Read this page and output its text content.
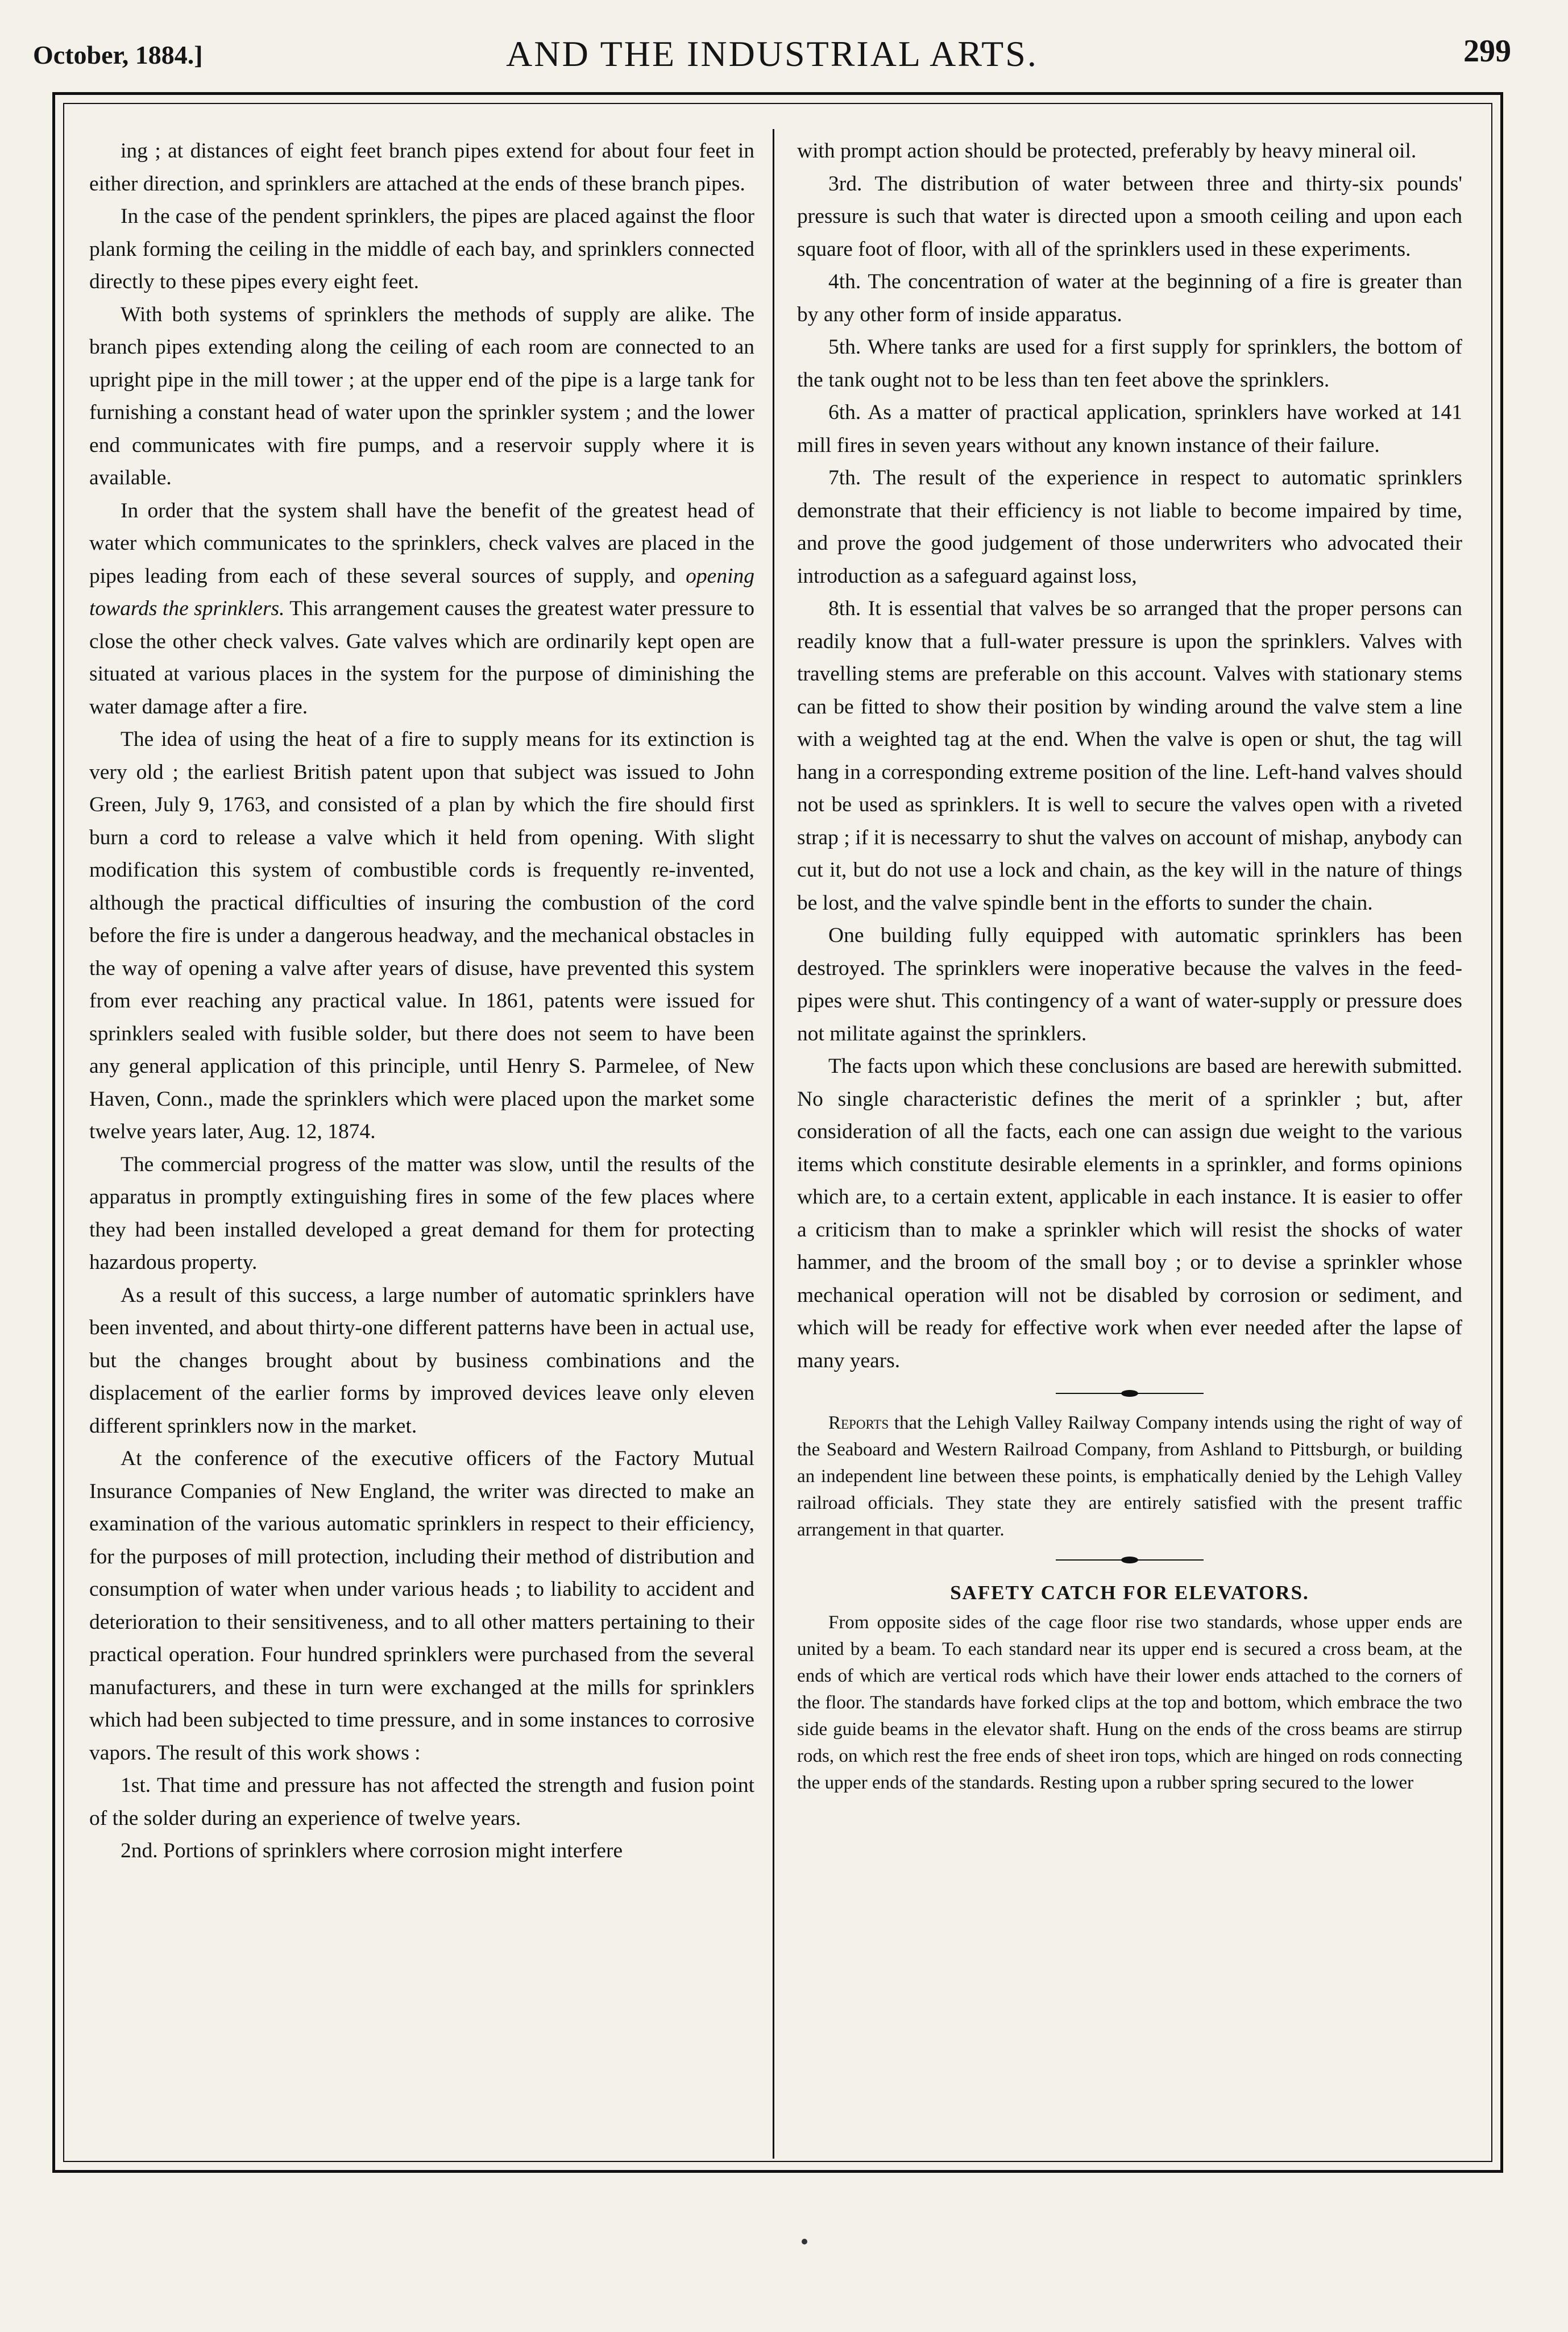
October, 1884.]	AND THE INDUSTRIAL ARTS.	299

ing ; at distances of eight feet branch pipes extend for about four feet in either direction, and sprinklers are attached at the ends of these branch pipes.

In the case of the pendent sprinklers, the pipes are placed against the floor plank forming the ceiling in the middle of each bay, and sprinklers connected directly to these pipes every eight feet.

With both systems of sprinklers the methods of supply are alike. The branch pipes extending along the ceiling of each room are connected to an upright pipe in the mill tower ; at the upper end of the pipe is a large tank for furnishing a constant head of water upon the sprinkler system ; and the lower end communicates with fire pumps, and a reservoir supply where it is available.

In order that the system shall have the benefit of the greatest head of water which communicates to the sprinklers, check valves are placed in the pipes leading from each of these several sources of supply, and opening towards the sprinklers. This arrangement causes the greatest water pressure to close the other check valves. Gate valves which are ordinarily kept open are situated at various places in the system for the purpose of diminishing the water damage after a fire.

The idea of using the heat of a fire to supply means for its extinction is very old ; the earliest British patent upon that subject was issued to John Green, July 9, 1763, and consisted of a plan by which the fire should first burn a cord to release a valve which it held from opening. With slight modification this system of combustible cords is frequently re-invented, although the practical difficulties of insuring the combustion of the cord before the fire is under a dangerous headway, and the mechanical obstacles in the way of opening a valve after years of disuse, have prevented this system from ever reaching any practical value. In 1861, patents were issued for sprinklers sealed with fusible solder, but there does not seem to have been any general application of this principle, until Henry S. Parmelee, of New Haven, Conn., made the sprinklers which were placed upon the market some twelve years later, Aug. 12, 1874.

The commercial progress of the matter was slow, until the results of the apparatus in promptly extinguishing fires in some of the few places where they had been installed developed a great demand for them for protecting hazardous property.

As a result of this success, a large number of automatic sprinklers have been invented, and about thirty-one different patterns have been in actual use, but the changes brought about by business combinations and the displacement of the earlier forms by improved devices leave only eleven different sprinklers now in the market.

At the conference of the executive officers of the Factory Mutual Insurance Companies of New England, the writer was directed to make an examination of the various automatic sprinklers in respect to their efficiency, for the purposes of mill protection, including their method of distribution and consumption of water when under various heads ; to liability to accident and deterioration to their sensitiveness, and to all other matters pertaining to their practical operation. Four hundred sprinklers were purchased from the several manufacturers, and these in turn were exchanged at the mills for sprinklers which had been subjected to time pressure, and in some instances to corrosive vapors. The result of this work shows :

1st. That time and pressure has not affected the strength and fusion point of the solder during an experience of twelve years.

2nd. Portions of sprinklers where corrosion might interfere

with prompt action should be protected, preferably by heavy mineral oil.

3rd. The distribution of water between three and thirty-six pounds' pressure is such that water is directed upon a smooth ceiling and upon each square foot of floor, with all of the sprinklers used in these experiments.

4th. The concentration of water at the beginning of a fire is greater than by any other form of inside apparatus.

5th. Where tanks are used for a first supply for sprinklers, the bottom of the tank ought not to be less than ten feet above the sprinklers.

6th. As a matter of practical application, sprinklers have worked at 141 mill fires in seven years without any known instance of their failure.

7th. The result of the experience in respect to automatic sprinklers demonstrate that their efficiency is not liable to become impaired by time, and prove the good judgement of those underwriters who advocated their introduction as a safeguard against loss,

8th. It is essential that valves be so arranged that the proper persons can readily know that a full-water pressure is upon the sprinklers. Valves with travelling stems are preferable on this account. Valves with stationary stems can be fitted to show their position by winding around the valve stem a line with a weighted tag at the end. When the valve is open or shut, the tag will hang in a corresponding extreme position of the line. Left-hand valves should not be used as sprinklers. It is well to secure the valves open with a riveted strap ; if it is necessarry to shut the valves on account of mishap, anybody can cut it, but do not use a lock and chain, as the key will in the nature of things be lost, and the valve spindle bent in the efforts to sunder the chain.

One building fully equipped with automatic sprinklers has been destroyed. The sprinklers were inoperative because the valves in the feed-pipes were shut. This contingency of a want of water-supply or pressure does not militate against the sprinklers.

The facts upon which these conclusions are based are herewith submitted. No single characteristic defines the merit of a sprinkler ; but, after consideration of all the facts, each one can assign due weight to the various items which constitute desirable elements in a sprinkler, and forms opinions which are, to a certain extent, applicable in each instance. It is easier to offer a criticism than to make a sprinkler which will resist the shocks of water hammer, and the broom of the small boy ; or to devise a sprinkler whose mechanical operation will not be disabled by corrosion or sediment, and which will be ready for effective work when ever needed after the lapse of many years.

Reports that the Lehigh Valley Railway Company intends using the right of way of the Seaboard and Western Railroad Company, from Ashland to Pittsburgh, or building an independent line between these points, is emphatically denied by the Lehigh Valley railroad officials. They state they are entirely satisfied with the present traffic arrangement in that quarter.

SAFETY CATCH FOR ELEVATORS.

From opposite sides of the cage floor rise two standards, whose upper ends are united by a beam. To each standard near its upper end is secured a cross beam, at the ends of which are vertical rods which have their lower ends attached to the corners of the floor. The standards have forked clips at the top and bottom, which embrace the two side guide beams in the elevator shaft. Hung on the ends of the cross beams are stirrup rods, on which rest the free ends of sheet iron tops, which are hinged on rods connecting the upper ends of the standards. Resting upon a rubber spring secured to the lower
